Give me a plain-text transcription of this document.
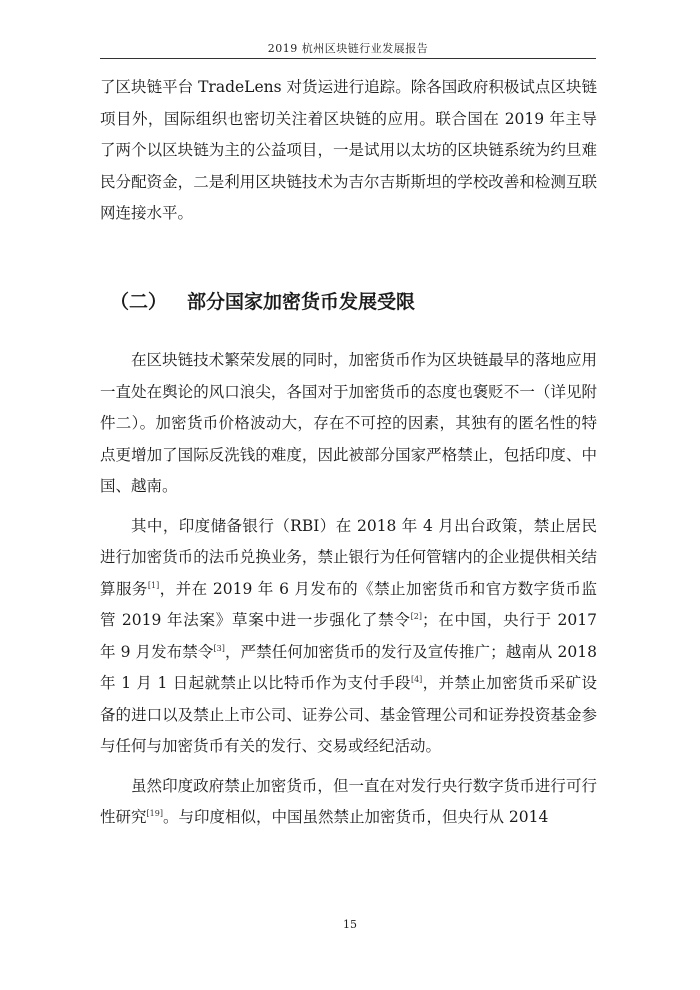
2019 杭州区块链行业发展报告

了区块链平台 TradeLens 对货运进行追踪。除各国政府积极试点区块链项目外，国际组织也密切关注着区块链的应用。联合国在 2019 年主导了两个以区块链为主的公益项目，一是试用以太坊的区块链系统为约旦难民分配资金，二是利用区块链技术为吉尔吉斯斯坦的学校改善和检测互联网连接水平。

（二） 部分国家加密货币发展受限

在区块链技术繁荣发展的同时，加密货币作为区块链最早的落地应用一直处在舆论的风口浪尖，各国对于加密货币的态度也褒贬不一（详见附件二）。加密货币价格波动大，存在不可控的因素，其独有的匿名性的特点更增加了国际反洗钱的难度，因此被部分国家严格禁止，包括印度、中国、越南。

其中，印度储备银行（RBI）在 2018 年 4 月出台政策，禁止居民进行加密货币的法币兑换业务，禁止银行为任何管辖内的企业提供相关结算服务[1]，并在 2019 年 6 月发布的《禁止加密货币和官方数字货币监管 2019 年法案》草案中进一步强化了禁令[2]；在中国，央行于 2017 年 9 月发布禁令[3]，严禁任何加密货币的发行及宣传推广；越南从 2018 年 1 月 1 日起就禁止以比特币作为支付手段[4]，并禁止加密货币采矿设备的进口以及禁止上市公司、证券公司、基金管理公司和证券投资基金参与任何与加密货币有关的发行、交易或经纪活动。

虽然印度政府禁止加密货币，但一直在对发行央行数字货币进行可行性研究[19]。与印度相似，中国虽然禁止加密货币，但央行从 2014

15
